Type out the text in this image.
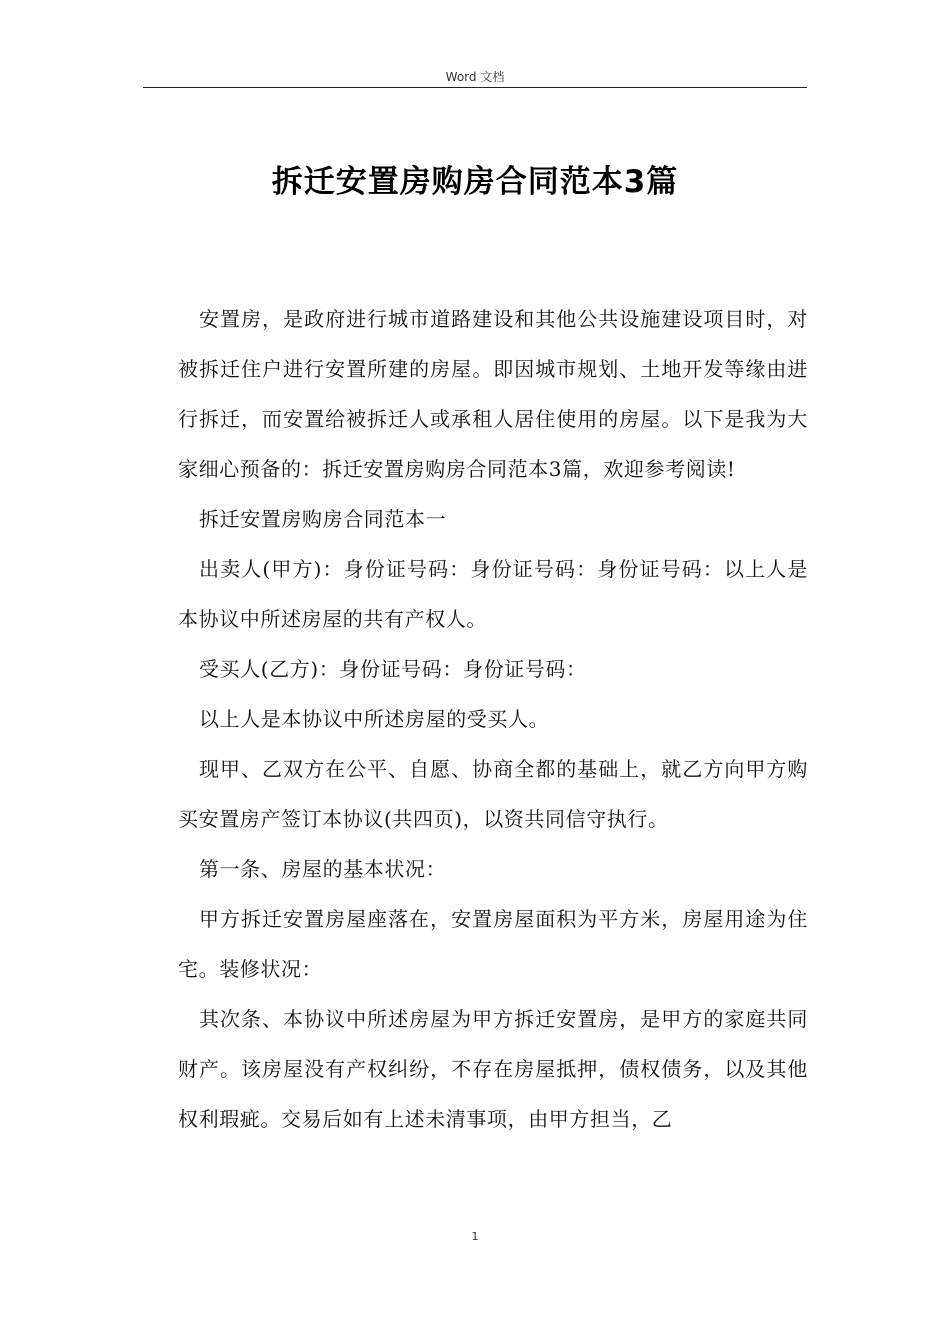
Word 文档
拆迁安置房购房合同范本3篇

安置房，是政府进行城市道路建设和其他公共设施建设项目时，对被拆迁住户进行安置所建的房屋。即因城市规划、土地开发等缘由进行拆迁，而安置给被拆迁人或承租人居住使用的房屋。以下是我为大家细心预备的：拆迁安置房购房合同范本3篇，欢迎参考阅读!

拆迁安置房购房合同范本一

出卖人(甲方)：身份证号码：身份证号码：身份证号码：以上人是本协议中所述房屋的共有产权人。

受买人(乙方)：身份证号码：身份证号码：

以上人是本协议中所述房屋的受买人。

现甲、乙双方在公平、自愿、协商全都的基础上，就乙方向甲方购买安置房产签订本协议(共四页)，以资共同信守执行。

第一条、房屋的基本状况：

甲方拆迁安置房屋座落在，安置房屋面积为平方米，房屋用途为住宅。装修状况：

其次条、本协议中所述房屋为甲方拆迁安置房，是甲方的家庭共同财产。该房屋没有产权纠纷，不存在房屋抵押，债权债务，以及其他权利瑕疵。交易后如有上述未清事项，由甲方担当，乙

1
